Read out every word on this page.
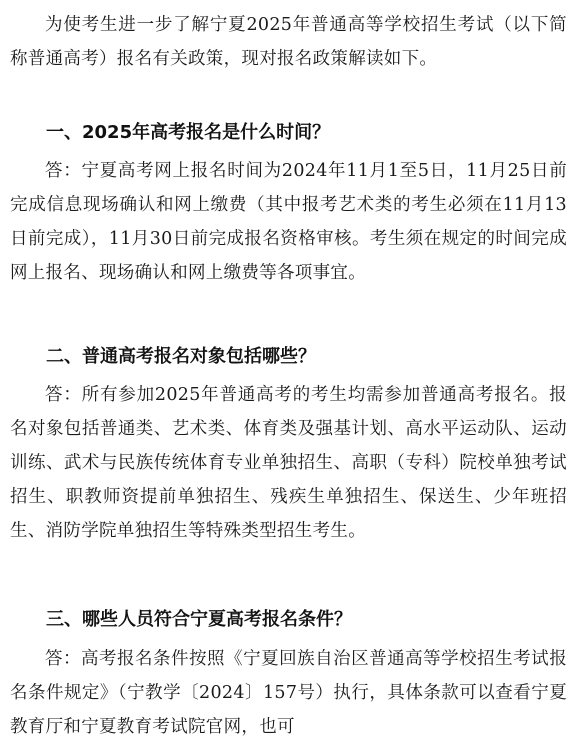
为使考生进一步了解宁夏2025年普通高等学校招生考试（以下简称普通高考）报名有关政策，现对报名政策解读如下。

一、2025年高考报名是什么时间？

答：宁夏高考网上报名时间为2024年11月1至5日，11月25日前完成信息现场确认和网上缴费（其中报考艺术类的考生必须在11月13日前完成），11月30日前完成报名资格审核。考生须在规定的时间完成网上报名、现场确认和网上缴费等各项事宜。

二、普通高考报名对象包括哪些？

答：所有参加2025年普通高考的考生均需参加普通高考报名。报名对象包括普通类、艺术类、体育类及强基计划、高水平运动队、运动训练、武术与民族传统体育专业单独招生、高职（专科）院校单独考试招生、职教师资提前单独招生、残疾生单独招生、保送生、少年班招生、消防学院单独招生等特殊类型招生考生。

三、哪些人员符合宁夏高考报名条件？

答：高考报名条件按照《宁夏回族自治区普通高等学校招生考试报名条件规定》（宁教学〔2024〕157号）执行，具体条款可以查看宁夏教育厅和宁夏教育考试院官网，也可
